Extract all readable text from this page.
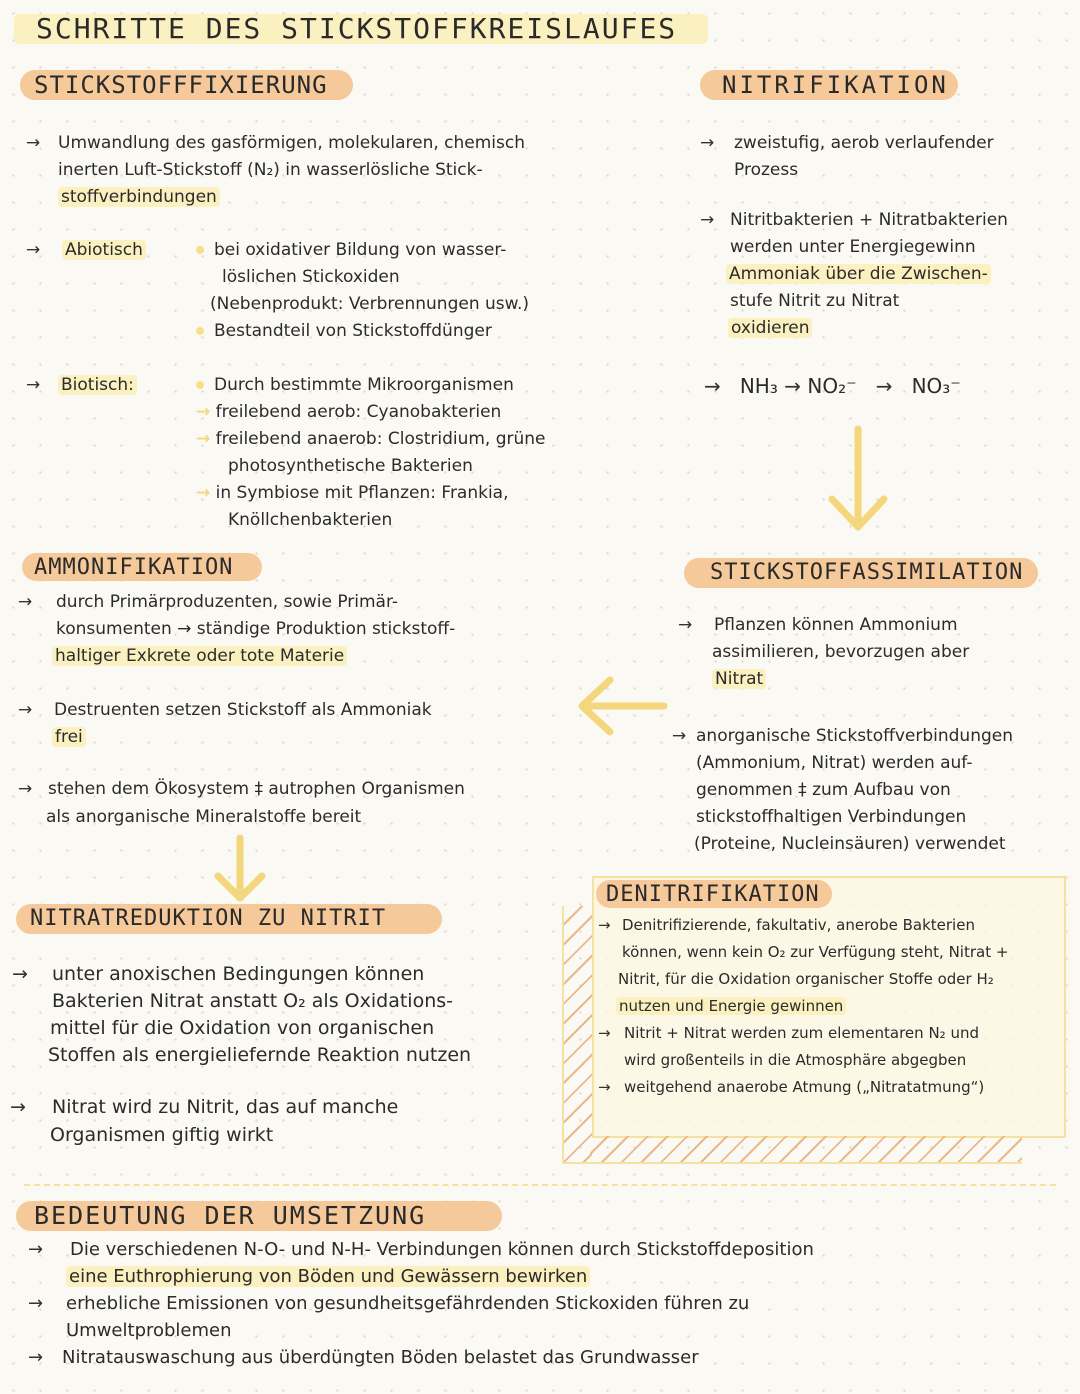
SCHRITTE DES STICKSTOFFKREISLAUFES
STICKSTOFFFIXIERUNG
→ Umwandlung des gasförmigen, molekularen, chemisch
inerten Luft-Stickstoff (N₂) in wasserlösliche Stick-
stoffverbindungen
→ Abiotisch	bei oxidativer Bildung von wasser-
löslichen Stickoxiden
(Nebenprodukt: Verbrennungen usw.)
Bestandteil von Stickstoffdünger
→ Biotisch:	Durch bestimmte Mikroorganismen
→ freilebend aerob: Cyanobakterien
→ freilebend anaerob: Clostridium, grüne
photosynthetische Bakterien
→ in Symbiose mit Pflanzen: Frankia,
Knöllchenbakterien
NITRIFIKATION
→ zweistufig, aerob verlaufender
Prozess
→ Nitritbakterien + Nitratbakterien
werden unter Energiegewinn
Ammoniak über die Zwischen-
stufe Nitrit zu Nitrat
oxidieren
→ NH₃ → NO₂⁻ → NO₃⁻
AMMONIFIKATION
→ durch Primärproduzenten, sowie Primär-
konsumenten → ständige Produktion stickstoff-
haltiger Exkrete oder tote Materie
→ Destruenten setzen Stickstoff als Ammoniak
frei
→ stehen dem Ökosystem ‡ autrophen Organismen
als anorganische Mineralstoffe bereit
STICKSTOFFASSIMILATION
→ Pflanzen können Ammonium
assimilieren, bevorzugen aber
Nitrat
→ anorganische Stickstoffverbindungen
(Ammonium, Nitrat) werden auf-
genommen ‡ zum Aufbau von
stickstoffhaltigen Verbindungen
(Proteine, Nucleinsäuren) verwendet
NITRATREDUKTION ZU NITRIT
→ unter anoxischen Bedingungen können
Bakterien Nitrat anstatt O₂ als Oxidations-
mittel für die Oxidation von organischen
Stoffen als energieliefernde Reaktion nutzen
→ Nitrat wird zu Nitrit, das auf manche
Organismen giftig wirkt
DENITRIFIKATION
→ Denitrifizierende, fakultativ, anerobe Bakterien
können, wenn kein O₂ zur Verfügung steht, Nitrat +
Nitrit, für die Oxidation organischer Stoffe oder H₂
nutzen und Energie gewinnen
→ Nitrit + Nitrat werden zum elementaren N₂ und
wird großenteils in die Atmosphäre abgegben
→ weitgehend anaerobe Atmung („Nitratatmung“)
BEDEUTUNG DER UMSETZUNG
→ Die verschiedenen N-O- und N-H- Verbindungen können durch Stickstoffdeposition
eine Euthrophierung von Böden und Gewässern bewirken
→ erhebliche Emissionen von gesundheitsgefährdenden Stickoxiden führen zu
Umweltproblemen
→ Nitratauswaschung aus überdüngten Böden belastet das Grundwasser
